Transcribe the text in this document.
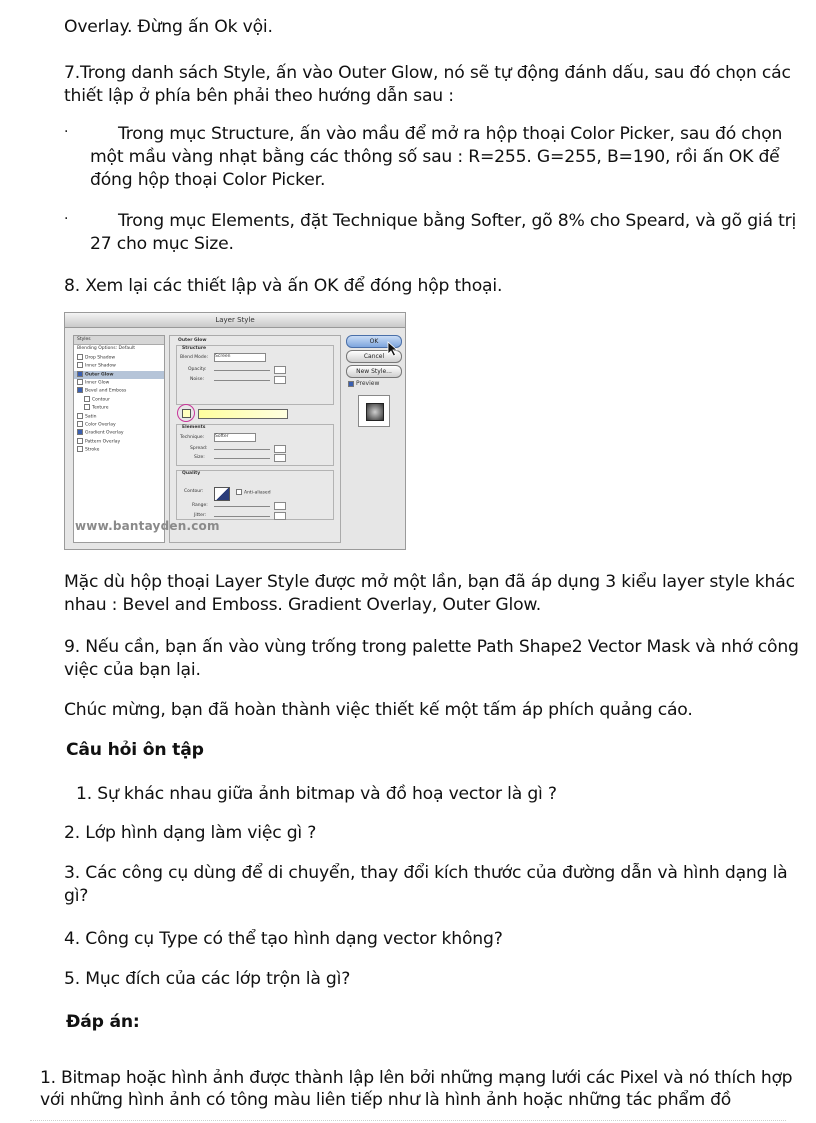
Overlay. Đừng ấn Ok vội.

7.Trong danh sách Style, ấn vào Outer Glow, nó sẽ tự động đánh dấu, sau đó chọn các thiết lập ở phía bên phải theo hướng dẫn sau :

·	Trong mục Structure, ấn vào mầu để mở ra hộp thoại Color Picker, sau đó chọn một mầu vàng nhạt bằng các thông số sau : R=255. G=255, B=190, rồi ấn OK để đóng hộp thoại Color Picker.
·	Trong mục Elements, đặt Technique bằng Softer, gõ 8% cho Speard, và gõ giá trị 27 cho mục Size.

8. Xem lại các thiết lập và ấn OK để đóng hộp thoại.

Layer Style
Styles
Blending Options: Default
Drop Shadow
Inner Shadow
Outer Glow
Inner Glow
Bevel and Emboss
Contour
Texture
Satin
Color Overlay
Gradient Overlay
Pattern Overlay
Stroke
Outer Glow
Structure
Blend Mode: Screen
Opacity:
Noise:
Elements
Technique: Softer
Spread:
Size:
Quality
Contour:	Anti-aliased
Range:
Jitter:
OK
Cancel
New Style...
Preview
www.bantayden.com

Mặc dù hộp thoại Layer Style được mở một lần, bạn đã áp dụng 3 kiểu layer style khác nhau : Bevel and Emboss. Gradient Overlay, Outer Glow.

9. Nếu cần, bạn ấn vào vùng trống trong palette Path Shape2 Vector Mask và nhớ công việc của bạn lại.

Chúc mừng, bạn đã hoàn thành việc thiết kế một tấm áp phích quảng cáo.

Câu hỏi ôn tập

1. Sự khác nhau giữa ảnh bitmap và đồ hoạ vector là gì ?

2. Lớp hình dạng làm việc gì ?

3. Các công cụ dùng để di chuyển, thay đổi kích thước của đường dẫn và hình dạng là gì?

4. Công cụ Type có thể tạo hình dạng vector không?

5. Mục đích của các lớp trộn là gì?

Đáp án:

1. Bitmap hoặc hình ảnh được thành lập lên bởi những mạng lưới các Pixel và nó thích hợp với những hình ảnh có tông màu liên tiếp như là hình ảnh hoặc những tác phẩm đồ
